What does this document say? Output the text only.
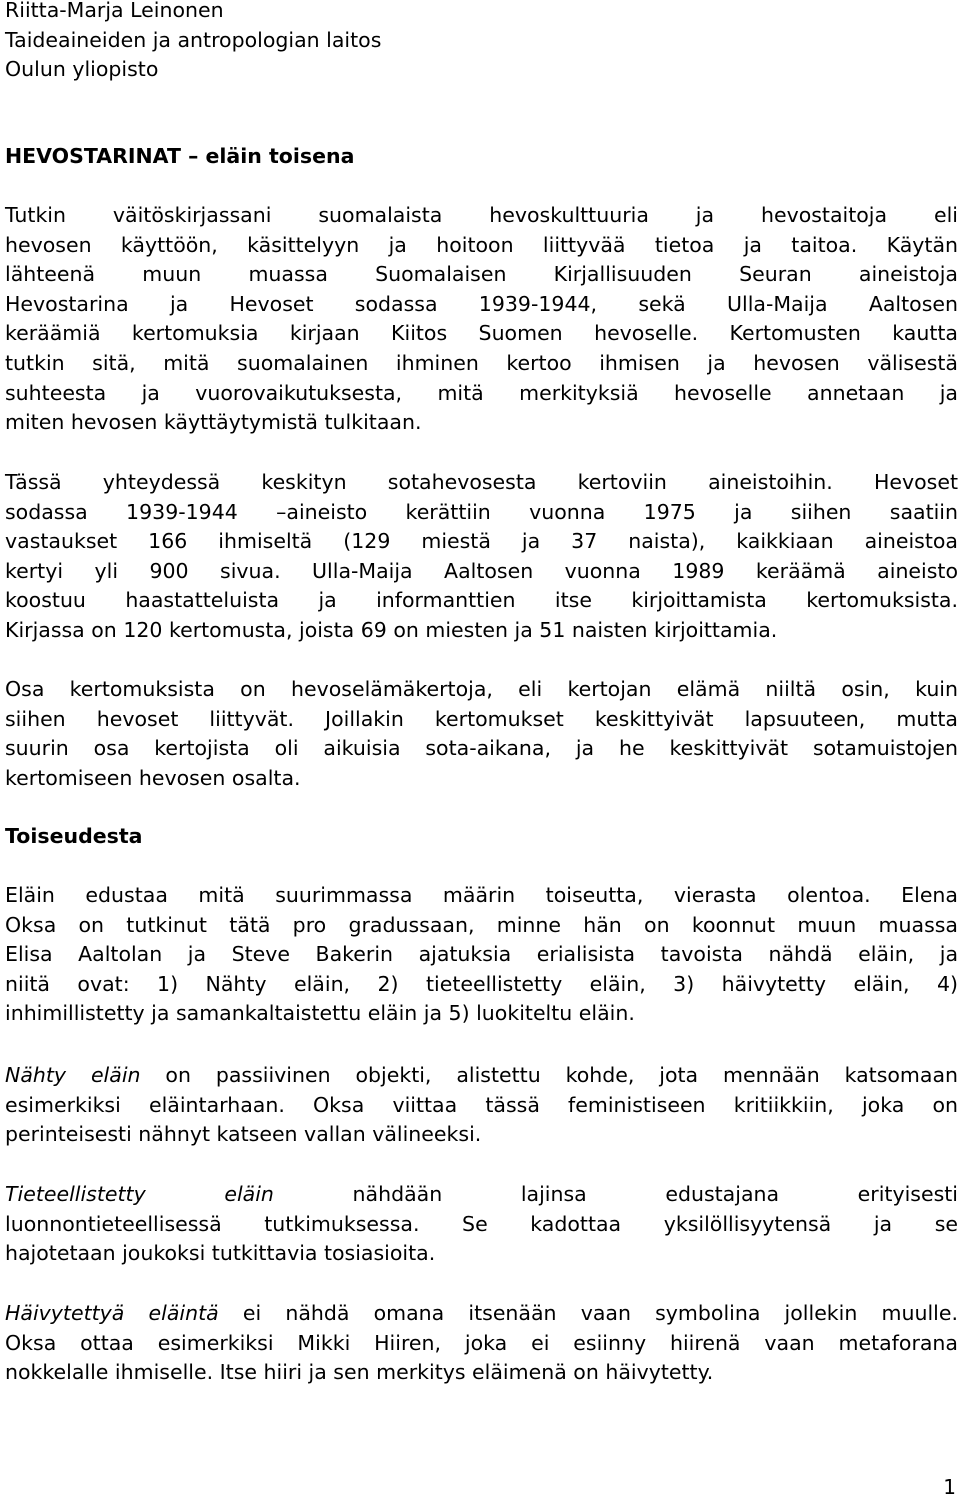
Riitta-Marja Leinonen

Taideaineiden ja antropologian laitos

Oulun yliopisto

HEVOSTARINAT – eläin toisena

Tutkin väitöskirjassani suomalaista hevoskulttuuria ja hevostaitoja eli

hevosen käyttöön, käsittelyyn ja hoitoon liittyvää tietoa ja taitoa. Käytän

lähteenä muun muassa Suomalaisen Kirjallisuuden Seuran aineistoja

Hevostarina ja Hevoset sodassa 1939-1944, sekä Ulla-Maija Aaltosen

keräämiä kertomuksia kirjaan Kiitos Suomen hevoselle. Kertomusten kautta

tutkin sitä, mitä suomalainen ihminen kertoo ihmisen ja hevosen välisestä

suhteesta ja vuorovaikutuksesta, mitä merkityksiä hevoselle annetaan ja

miten hevosen käyttäytymistä tulkitaan.

Tässä yhteydessä keskityn sotahevosesta kertoviin aineistoihin. Hevoset

sodassa 1939-1944 –aineisto kerättiin vuonna 1975 ja siihen saatiin

vastaukset 166 ihmiseltä (129 miestä ja 37 naista), kaikkiaan aineistoa

kertyi yli 900 sivua. Ulla-Maija Aaltosen vuonna 1989 keräämä aineisto

koostuu haastatteluista ja informanttien itse kirjoittamista kertomuksista.

Kirjassa on 120 kertomusta, joista 69 on miesten ja 51 naisten kirjoittamia.

Osa kertomuksista on hevoselämäkertoja, eli kertojan elämä niiltä osin, kuin

siihen hevoset liittyvät. Joillakin kertomukset keskittyivät lapsuuteen, mutta

suurin osa kertojista oli aikuisia sota-aikana, ja he keskittyivät sotamuistojen

kertomiseen hevosen osalta.

Toiseudesta

Eläin edustaa mitä suurimmassa määrin toiseutta, vierasta olentoa. Elena

Oksa on tutkinut tätä pro gradussaan, minne hän on koonnut muun muassa

Elisa Aaltolan ja Steve Bakerin ajatuksia erialisista tavoista nähdä eläin, ja

niitä ovat: 1) Nähty eläin, 2) tieteellistetty eläin, 3) häivytetty eläin, 4)

inhimillistetty ja samankaltaistettu eläin ja 5) luokiteltu eläin.

Nähty eläin on passiivinen objekti, alistettu kohde, jota mennään katsomaan

esimerkiksi eläintarhaan. Oksa viittaa tässä feministiseen kritiikkiin, joka on

perinteisesti nähnyt katseen vallan välineeksi.

Tieteellistetty eläin nähdään lajinsa edustajana erityisesti

luonnontieteellisessä tutkimuksessa. Se kadottaa yksilöllisyytensä ja se

hajotetaan joukoksi tutkittavia tosiasioita.

Häivytettyä eläintä ei nähdä omana itsenään vaan symbolina jollekin muulle.

Oksa ottaa esimerkiksi Mikki Hiiren, joka ei esiinny hiirenä vaan metaforana

nokkelalle ihmiselle. Itse hiiri ja sen merkitys eläimenä on häivytetty.

1
